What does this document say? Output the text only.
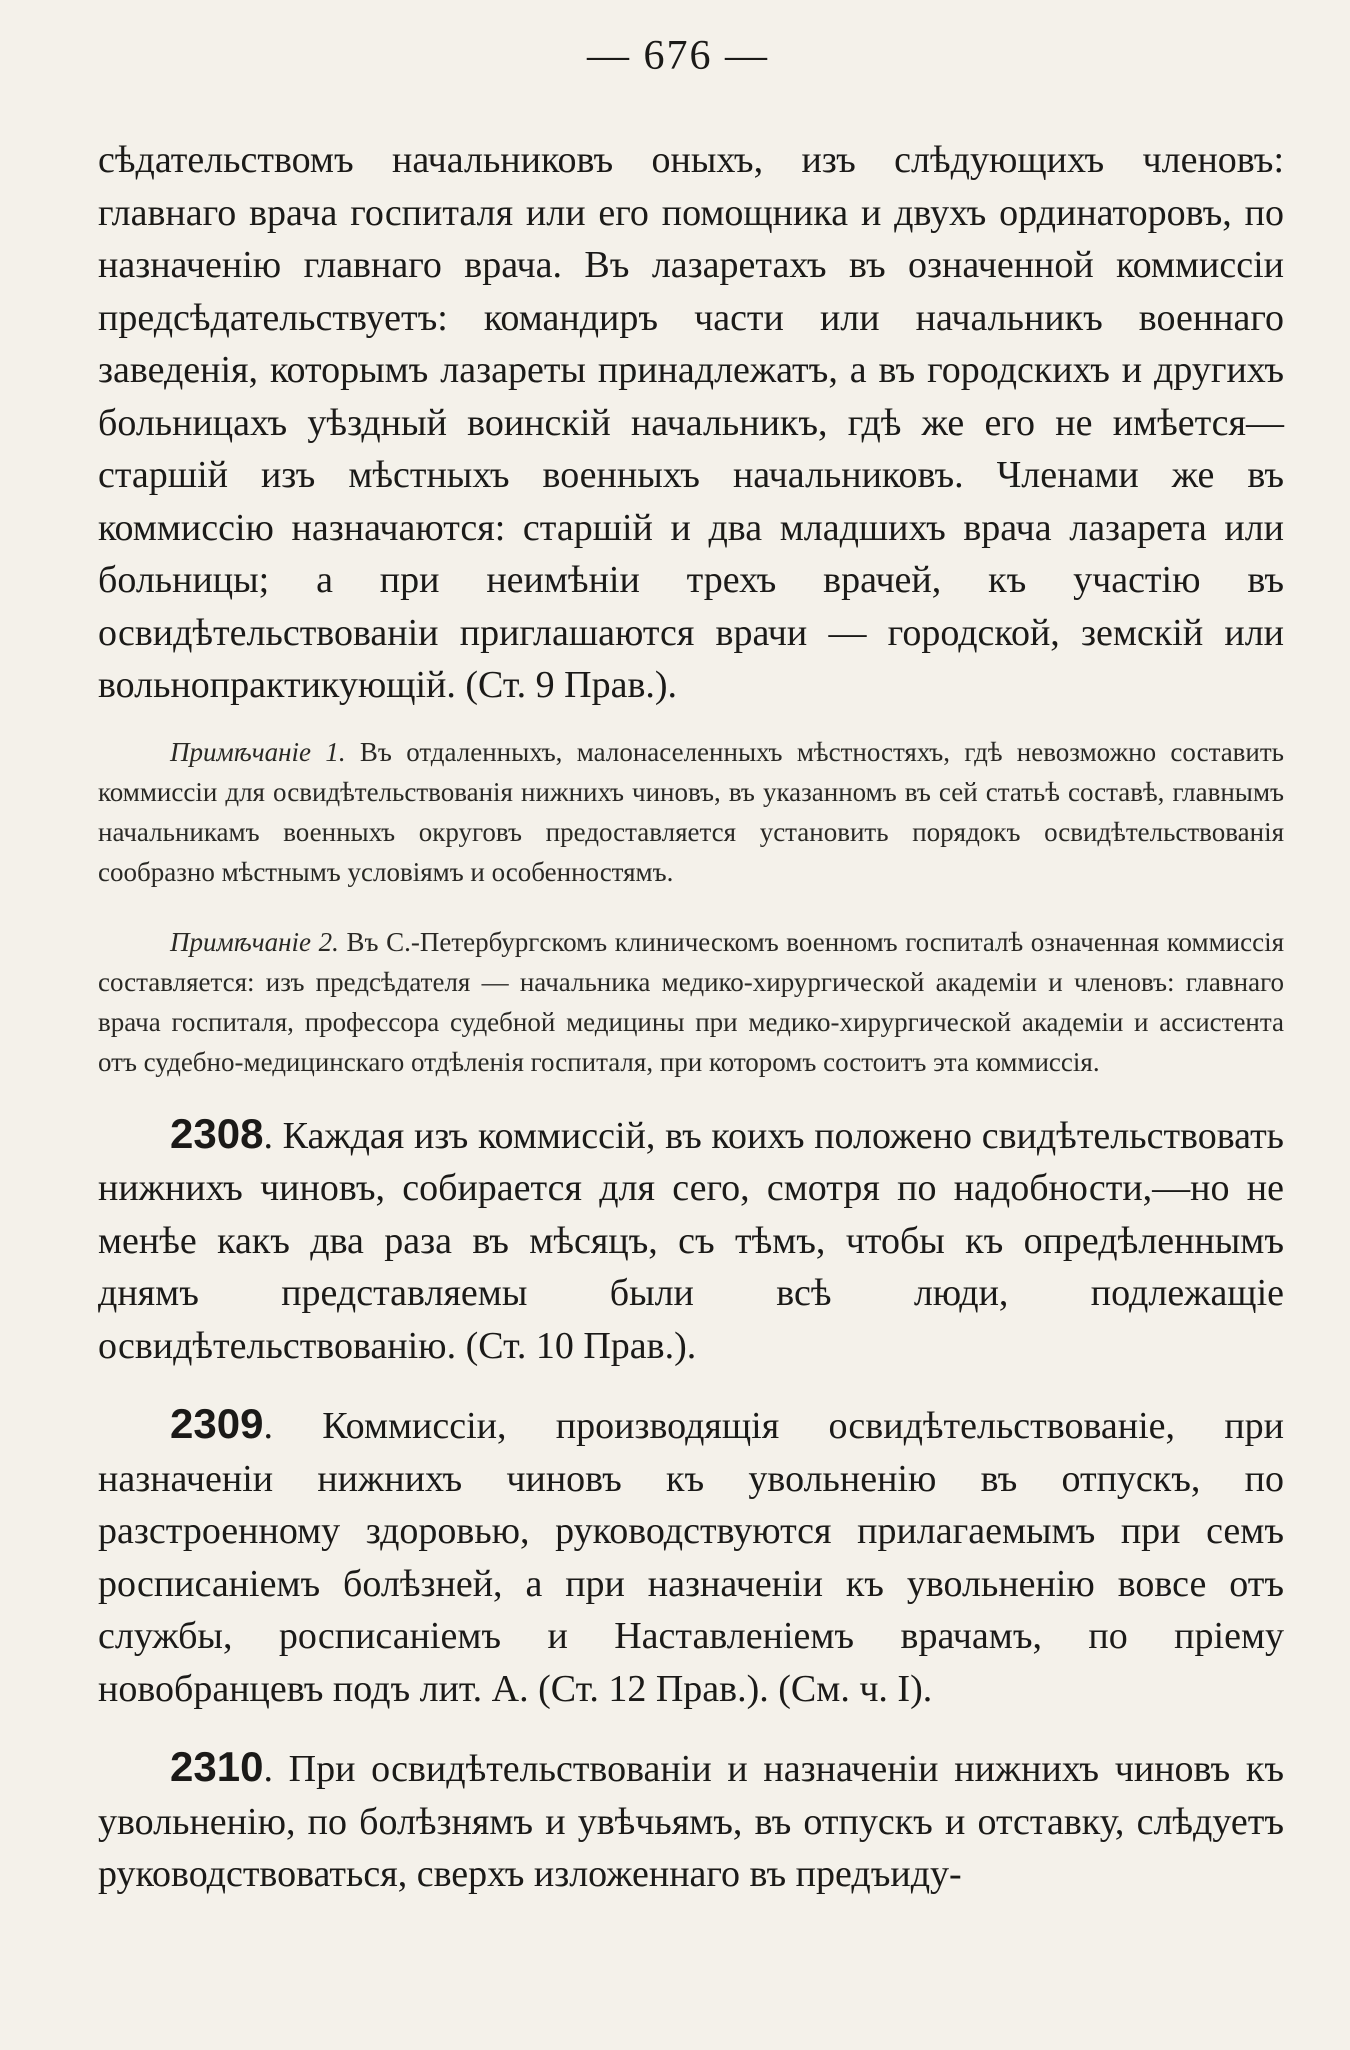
— 676 —

сѣдательствомъ начальниковъ оныхъ, изъ слѣдующихъ членовъ: главнаго врача госпиталя или его помощника и двухъ ординаторовъ, по назначенію главнаго врача. Въ лазаретахъ въ означенной коммиссіи предсѣдательствуетъ: командиръ части или начальникъ военнаго заведенія, которымъ лазареты принадлежатъ, а въ городскихъ и другихъ больницахъ уѣздный воинскій начальникъ, гдѣ же его не имѣется—старшій изъ мѣстныхъ военныхъ начальниковъ. Членами же въ коммиссію назначаются: старшій и два младшихъ врача лазарета или больницы; а при неимѣніи трехъ врачей, къ участію въ освидѣтельствованіи приглашаются врачи — городской, земскій или вольнопрактикующій. (Ст. 9 Прав.).

Примѣчаніе 1. Въ отдаленныхъ, малонаселенныхъ мѣстностяхъ, гдѣ невозможно составить коммиссіи для освидѣтельствованія нижнихъ чиновъ, въ указанномъ въ сей статьѣ составѣ, главнымъ начальникамъ военныхъ округовъ предоставляется установить порядокъ освидѣтельствованія сообразно мѣстнымъ условіямъ и особенностямъ.

Примѣчаніе 2. Въ С.-Петербургскомъ клиническомъ военномъ госпиталѣ означенная коммиссія составляется: изъ предсѣдателя — начальника медико-хирургической академіи и членовъ: главнаго врача госпиталя, профессора судебной медицины при медико-хирургической академіи и ассистента отъ судебно-медицинскаго отдѣленія госпиталя, при которомъ состоитъ эта коммиссія.

2308. Каждая изъ коммиссій, въ коихъ положено свидѣтельствовать нижнихъ чиновъ, собирается для сего, смотря по надобности,—но не менѣе какъ два раза въ мѣсяцъ, съ тѣмъ, чтобы къ опредѣленнымъ днямъ представляемы были всѣ люди, подлежащіе освидѣтельствованію. (Ст. 10 Прав.).

2309. Коммиссіи, производящія освидѣтельствованіе, при назначеніи нижнихъ чиновъ къ увольненію въ отпускъ, по разстроенному здоровью, руководствуются прилагаемымъ при семъ росписаніемъ болѣзней, а при назначеніи къ увольненію вовсе отъ службы, росписаніемъ и Наставленіемъ врачамъ, по пріему новобранцевъ подъ лит. А. (Ст. 12 Прав.). (См. ч. I).

2310. При освидѣтельствованіи и назначеніи нижнихъ чиновъ къ увольненію, по болѣзнямъ и увѣчьямъ, въ отпускъ и отставку, слѣдуетъ руководствоваться, сверхъ изложеннаго въ предъиду-
